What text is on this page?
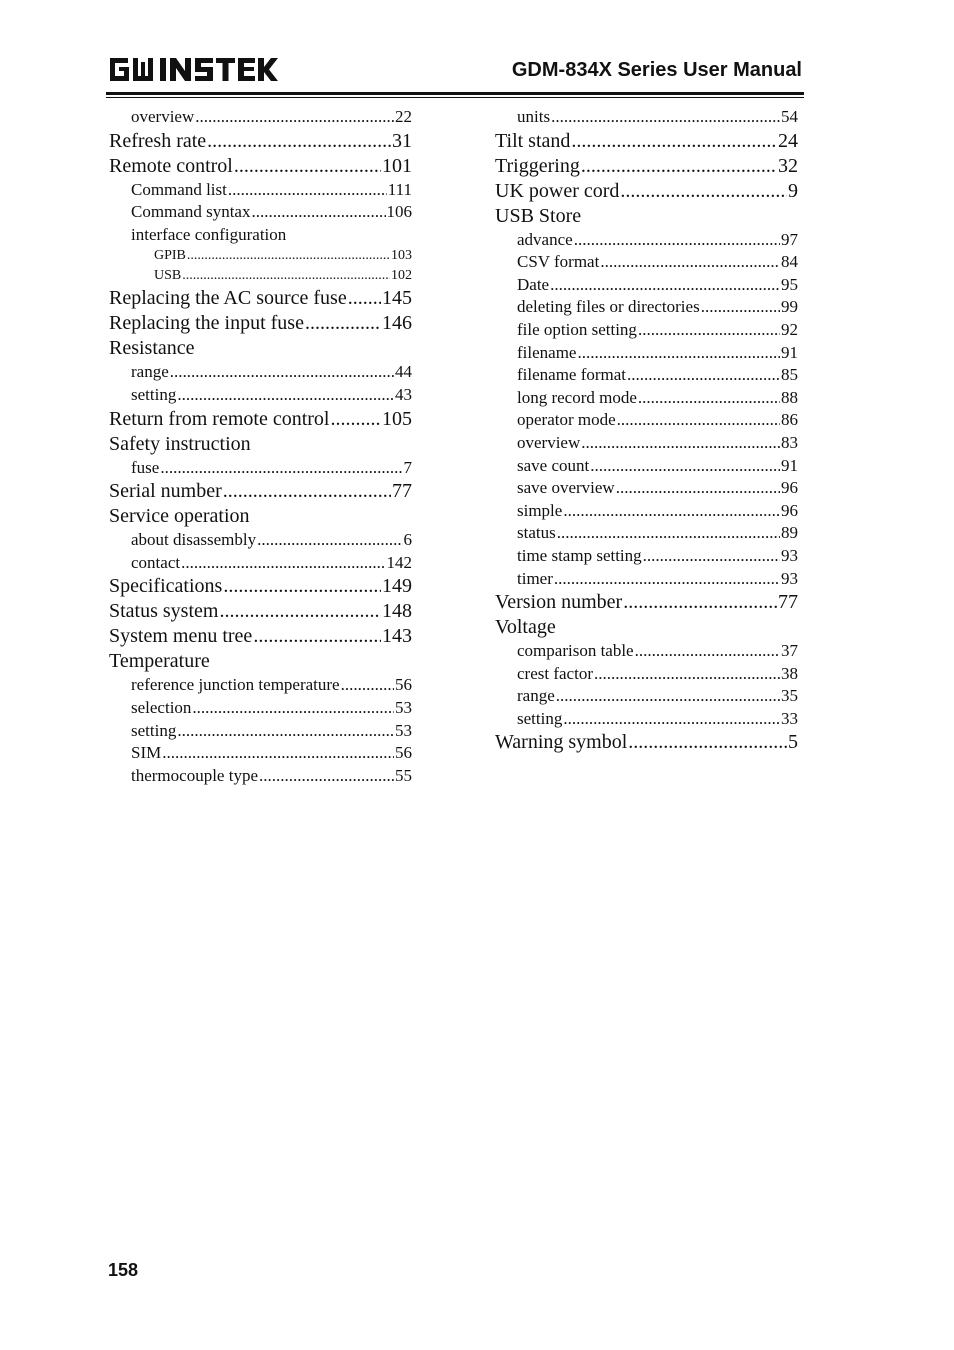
GDM-834X Series User Manual
overview .....	22
Refresh rate .....	31
Remote control .....	101
Command list .....	111
Command syntax .....	106
interface configuration
GPIB .....	103
USB .....	102
Replacing the AC source fuse ..... 145
Replacing the input fuse .....	146
Resistance
range .....	44
setting .....	43
Return from remote control .....	105
Safety instruction
fuse .....	7
Serial number .....	77
Service operation
about disassembly .....	6
contact .....	142
Specifications .....	149
Status system .....	148
System menu tree .....	143
Temperature
reference junction temperature .....	56
selection .....	53
setting .....	53
SIM .....	56
thermocouple type .....	55
units .....	54
Tilt stand .....	24
Triggering .....	32
UK power cord .....	9
USB Store
advance .....	97
CSV format .....	84
Date .....	95
deleting files or directories .....	99
file option setting .....	92
filename .....	91
filename format .....	85
long record mode .....	88
operator mode .....	86
overview .....	83
save count .....	91
save overview .....	96
simple .....	96
status .....	89
time stamp setting .....	93
timer .....	93
Version number .....	77
Voltage
comparison table .....	37
crest factor .....	38
range .....	35
setting .....	33
Warning symbol .....	5
158
